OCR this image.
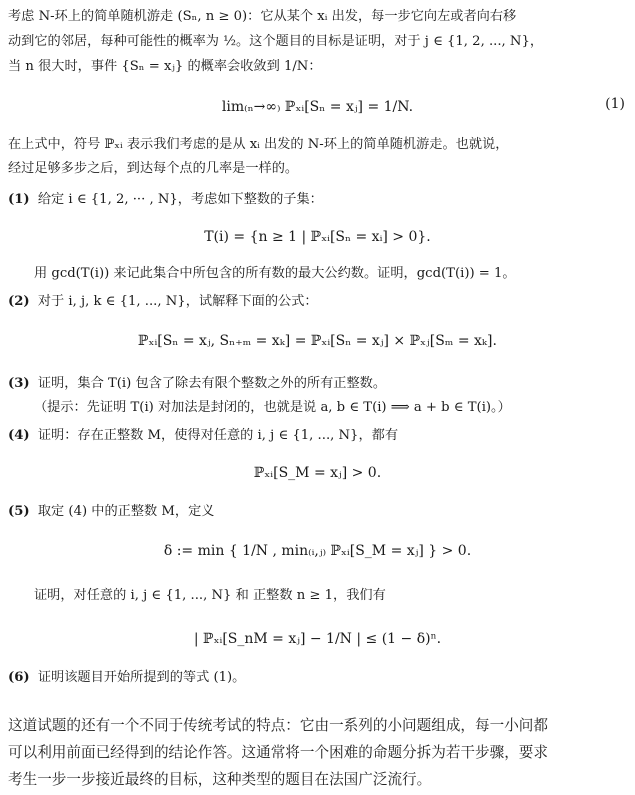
考虑 N-环上的简单随机游走 (Sₙ, n ≥ 0)：它从某个 xᵢ 出发，每一步它向左或者向右移

动到它的邻居，每种可能性的概率为 ½。这个题目的目标是证明，对于 j ∈ {1, 2, ..., N}，

当 n 很大时，事件 {Sₙ = xⱼ} 的概率会收敛到 1/N：

lim₍ₙ→∞₎ ℙₓᵢ[Sₙ = xⱼ] = 1/N.	(1)

在上式中，符号 ℙₓᵢ 表示我们考虑的是从 xᵢ 出发的 N-环上的简单随机游走。也就说，

经过足够多步之后，到达每个点的几率是一样的。

(1) 给定 i ∈ {1, 2, ··· , N}，考虑如下整数的子集：

T(i) = {n ≥ 1 | ℙₓᵢ[Sₙ = xᵢ] > 0}.

用 gcd(T(i)) 来记此集合中所包含的所有数的最大公约数。证明，gcd(T(i)) = 1。

(2) 对于 i, j, k ∈ {1, ..., N}，试解释下面的公式：

ℙₓᵢ[Sₙ = xⱼ, Sₙ₊ₘ = xₖ] = ℙₓᵢ[Sₙ = xⱼ] × ℙₓⱼ[Sₘ = xₖ].

(3) 证明，集合 T(i) 包含了除去有限个整数之外的所有正整数。

（提示：先证明 T(i) 对加法是封闭的，也就是说 a, b ∈ T(i) ⟹ a + b ∈ T(i)。）

(4) 证明：存在正整数 M，使得对任意的 i, j ∈ {1, ..., N}，都有

ℙₓᵢ[S_M = xⱼ] > 0.

(5) 取定 (4) 中的正整数 M，定义

δ := min { 1/N , min₍ᵢ,ⱼ₎ ℙₓᵢ[S_M = xⱼ] } > 0.

证明，对任意的 i, j ∈ {1, ..., N} 和 正整数 n ≥ 1，我们有

| ℙₓᵢ[S_nM = xⱼ] − 1/N | ≤ (1 − δ)ⁿ.

(6) 证明该题目开始所提到的等式 (1)。

这道试题的还有一个不同于传统考试的特点：它由一系列的小问题组成，每一小问都

可以利用前面已经得到的结论作答。这通常将一个困难的命题分拆为若干步骤，要求

考生一步一步接近最终的目标，这种类型的题目在法国广泛流行。
